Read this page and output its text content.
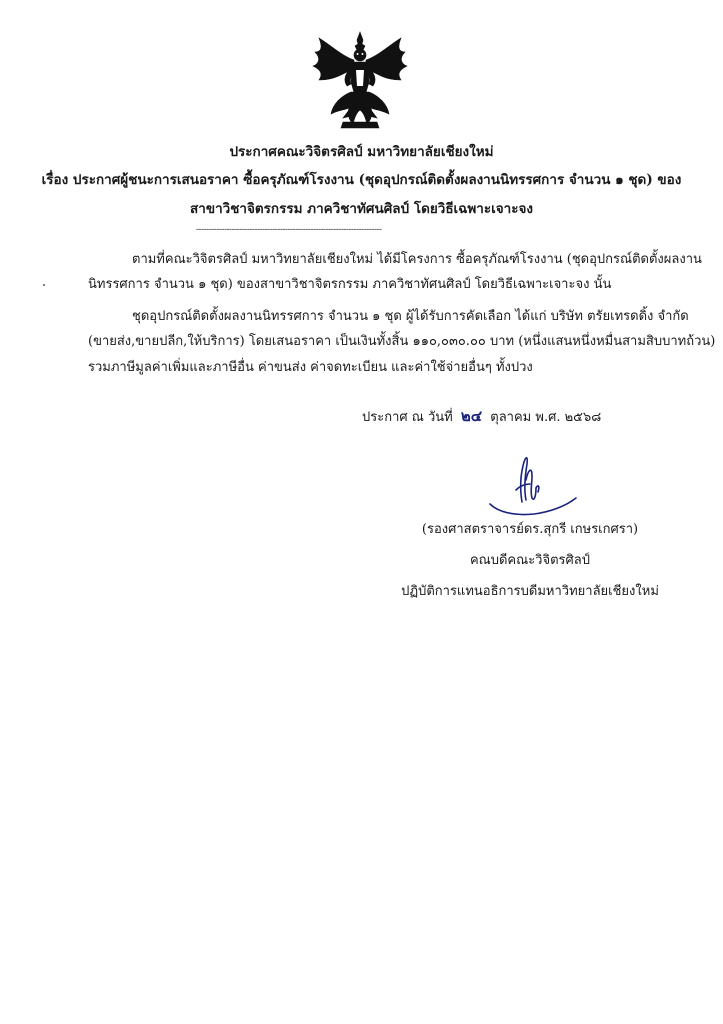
ประกาศคณะวิจิตรศิลป์ มหาวิทยาลัยเชียงใหม่
เรื่อง ประกาศผู้ชนะการเสนอราคา ซื้อครุภัณฑ์โรงงาน (ชุดอุปกรณ์ติดตั้งผลงานนิทรรศการ จำนวน ๑ ชุด) ของ
สาขาวิชาจิตรกรรม ภาควิชาทัศนศิลป์ โดยวิธีเฉพาะเจาะจง
-------------------------------------------------------------------------
ตามที่คณะวิจิตรศิลป์ มหาวิทยาลัยเชียงใหม่ ได้มีโครงการ ซื้อครุภัณฑ์โรงงาน (ชุดอุปกรณ์ติดตั้งผลงาน
นิทรรศการ จำนวน ๑ ชุด) ของสาขาวิชาจิตรกรรม ภาควิชาทัศนศิลป์ โดยวิธีเฉพาะเจาะจง นั้น
ชุดอุปกรณ์ติดตั้งผลงานนิทรรศการ จำนวน ๑ ชุด ผู้ได้รับการคัดเลือก ได้แก่ บริษัท ตรัยเทรดดิ้ง จำกัด
(ขายส่ง,ขายปลีก,ให้บริการ) โดยเสนอราคา เป็นเงินทั้งสิ้น ๑๑๐,๐๓๐.๐๐ บาท (หนึ่งแสนหนึ่งหมื่นสามสิบบาทถ้วน)
รวมภาษีมูลค่าเพิ่มและภาษีอื่น ค่าขนส่ง ค่าจดทะเบียน และค่าใช้จ่ายอื่นๆ ทั้งปวง
ประกาศ ณ วันที่ ๒๔ ตุลาคม พ.ศ. ๒๕๖๘
(รองศาสตราจารย์ดร.สุกรี เกษรเกศรา)
คณบดีคณะวิจิตรศิลป์
ปฏิบัติการแทนอธิการบดีมหาวิทยาลัยเชียงใหม่
